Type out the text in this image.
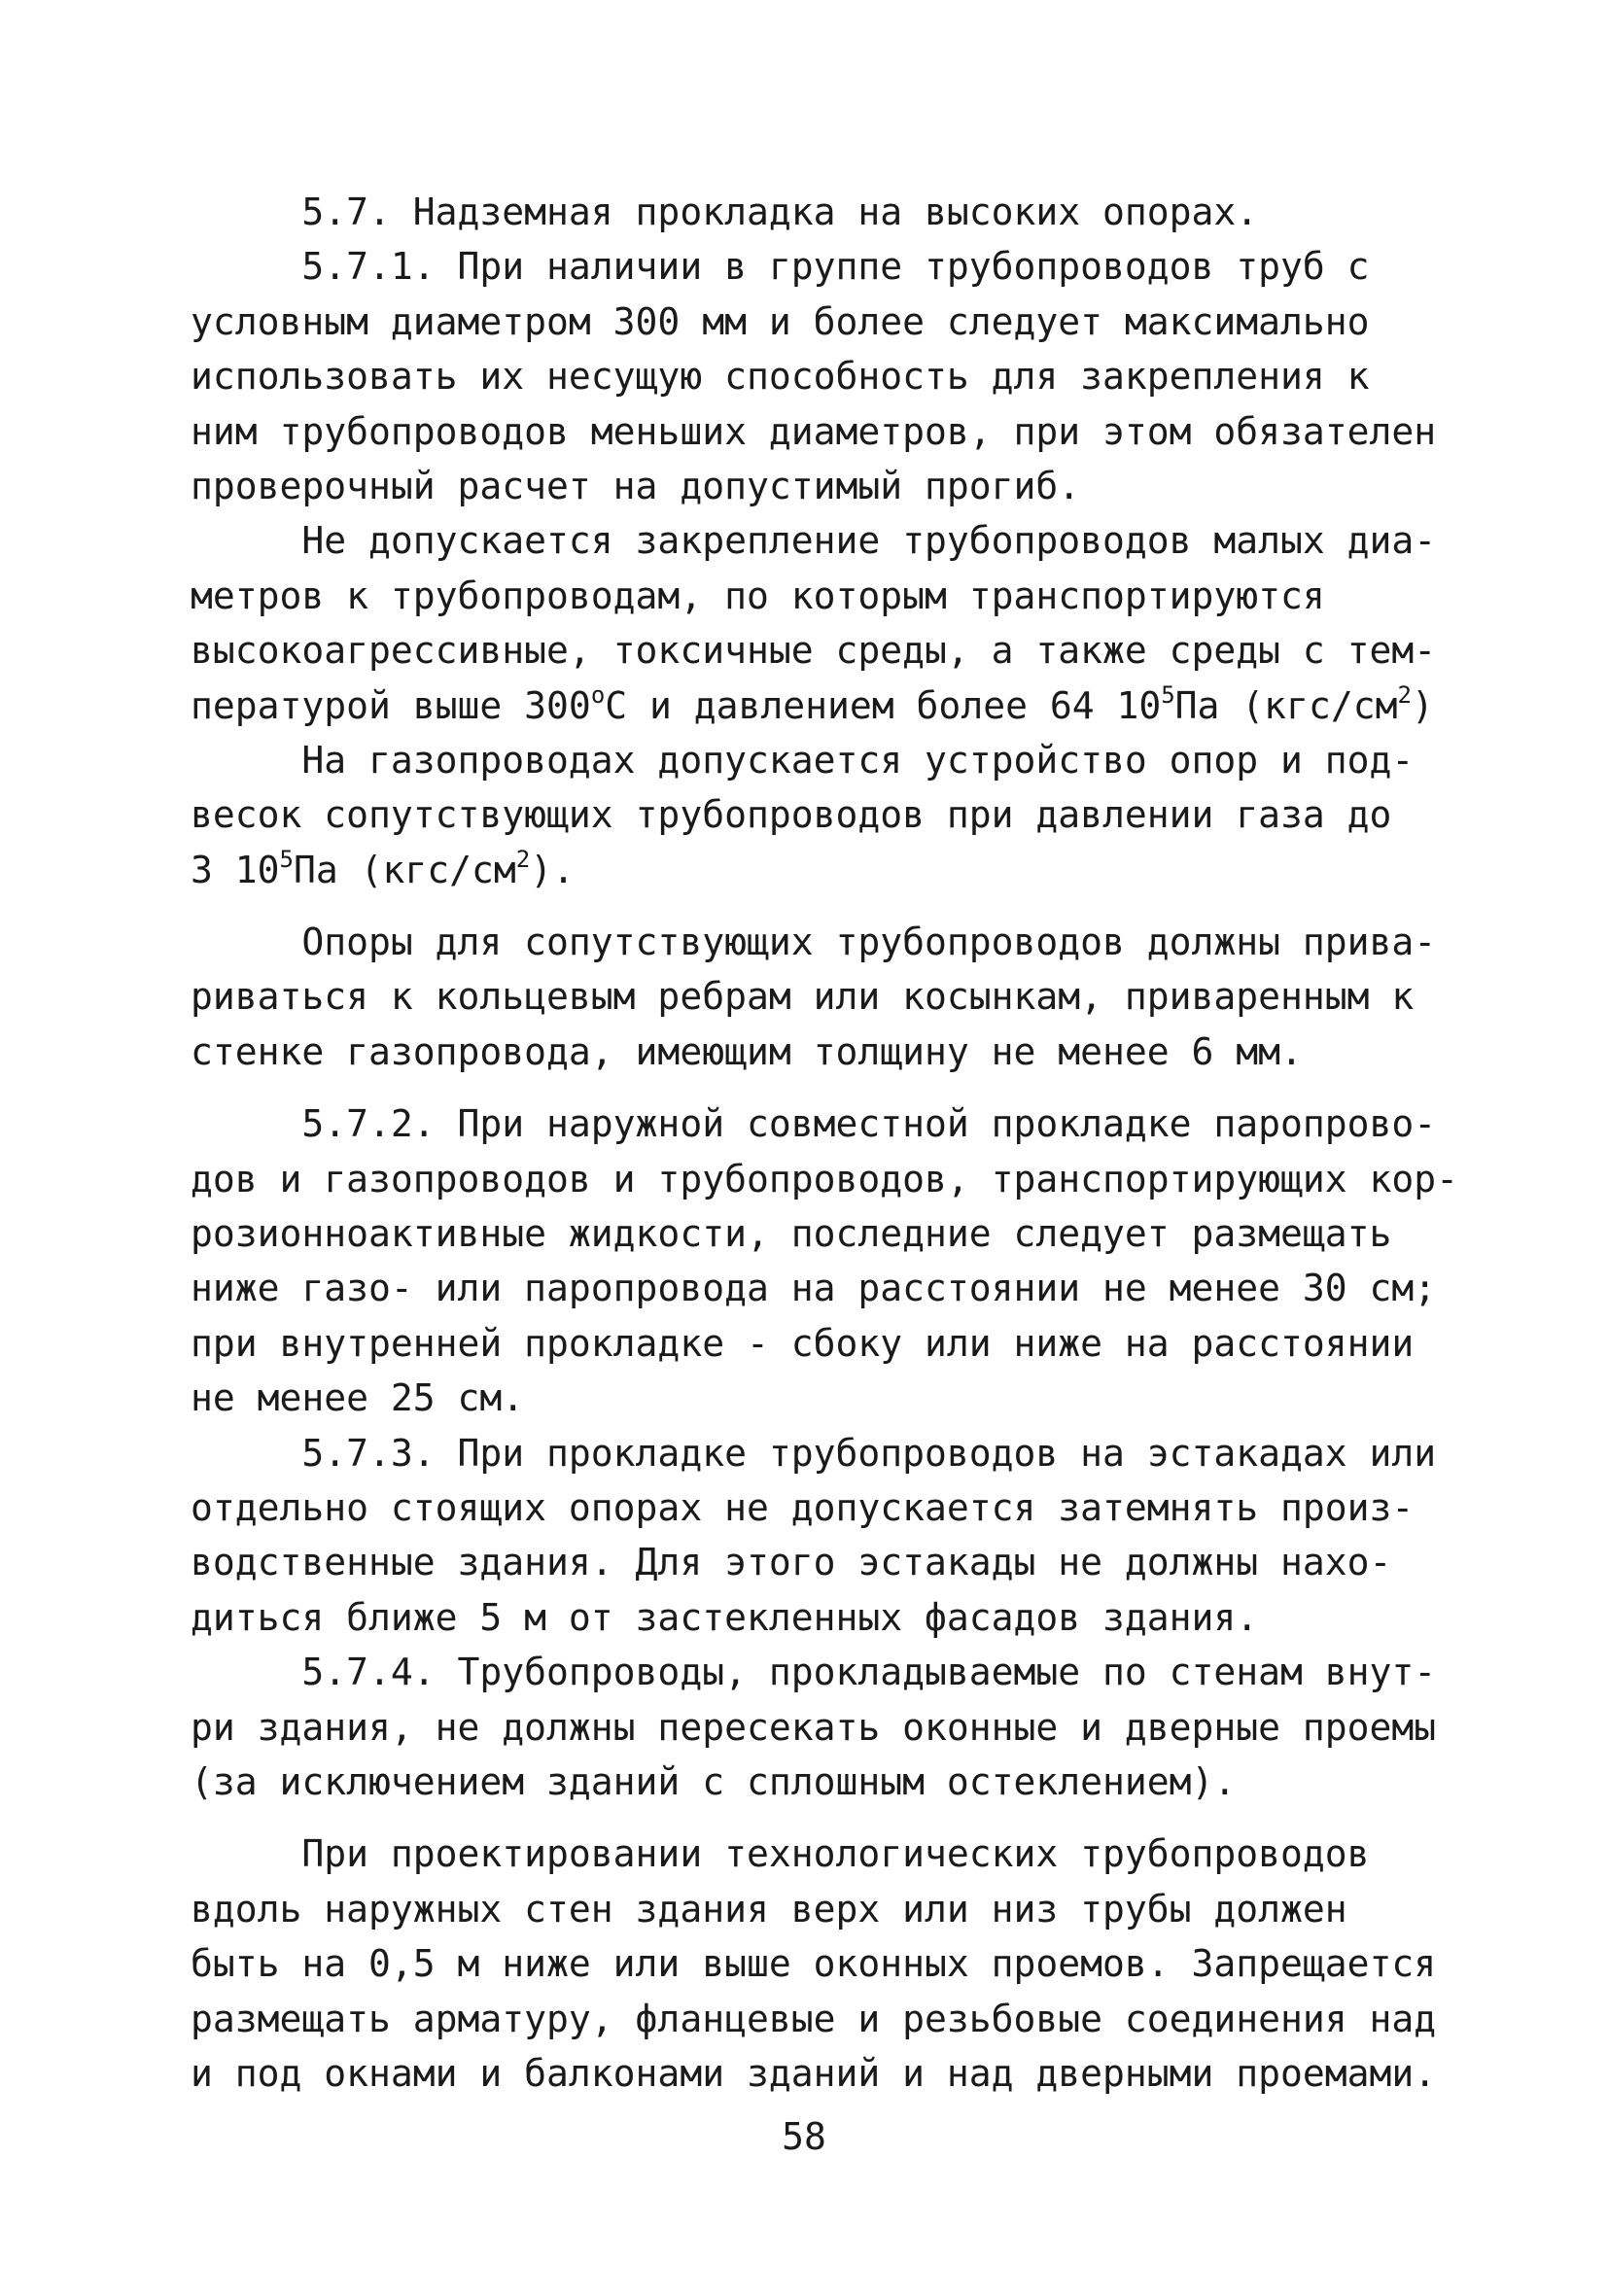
5.7. Надземная прокладка на высоких опорах.
5.7.1. При наличии в группе трубопроводов труб с
условным диаметром 300 мм и более следует максимально
использовать их несущую способность для закрепления к
ним трубопроводов меньших диаметров, при этом обязателен
проверочный расчет на допустимый прогиб.
Не допускается закрепление трубопроводов малых диа-
метров к трубопроводам, по которым транспортируются
высокоагрессивные, токсичные среды, а также среды с тем-
пературой выше $300^оС$ и давлением более 64 $10^5Па$ $(кгс/см^2)$
На газопроводах допускается устройство опор и под-
весок сопутствующих трубопроводов при давлении газа до
3 $10^5Па$ $(кгс/см^2)$.
Опоры для сопутствующих трубопроводов должны прива-
риваться к кольцевым ребрам или косынкам, приваренным к
стенке газопровода, имеющим толщину не менее 6 мм.
5.7.2. При наружной совместной прокладке паропрово-
дов и газопроводов и трубопроводов, транспортирующих кор-
розионноактивные жидкости, последние следует размещать
ниже газо- или паропровода на расстоянии не менее 30 см;
при внутренней прокладке - сбоку или ниже на расстоянии
не менее 25 см.
5.7.3. При прокладке трубопроводов на эстакадах или
отдельно стоящих опорах не допускается затемнять произ-
водственные здания. Для этого эстакады не должны нахо-
диться ближе 5 м от застекленных фасадов здания.
5.7.4. Трубопроводы, прокладываемые по стенам внут-
ри здания, не должны пересекать оконные и дверные проемы
(за исключением зданий с сплошным остеклением).
При проектировании технологических трубопроводов
вдоль наружных стен здания верх или низ трубы должен
быть на 0,5 м ниже или выше оконных проемов. Запрещается
размещать арматуру, фланцевые и резьбовые соединения над
и под окнами и балконами зданий и над дверными проемами.
58
